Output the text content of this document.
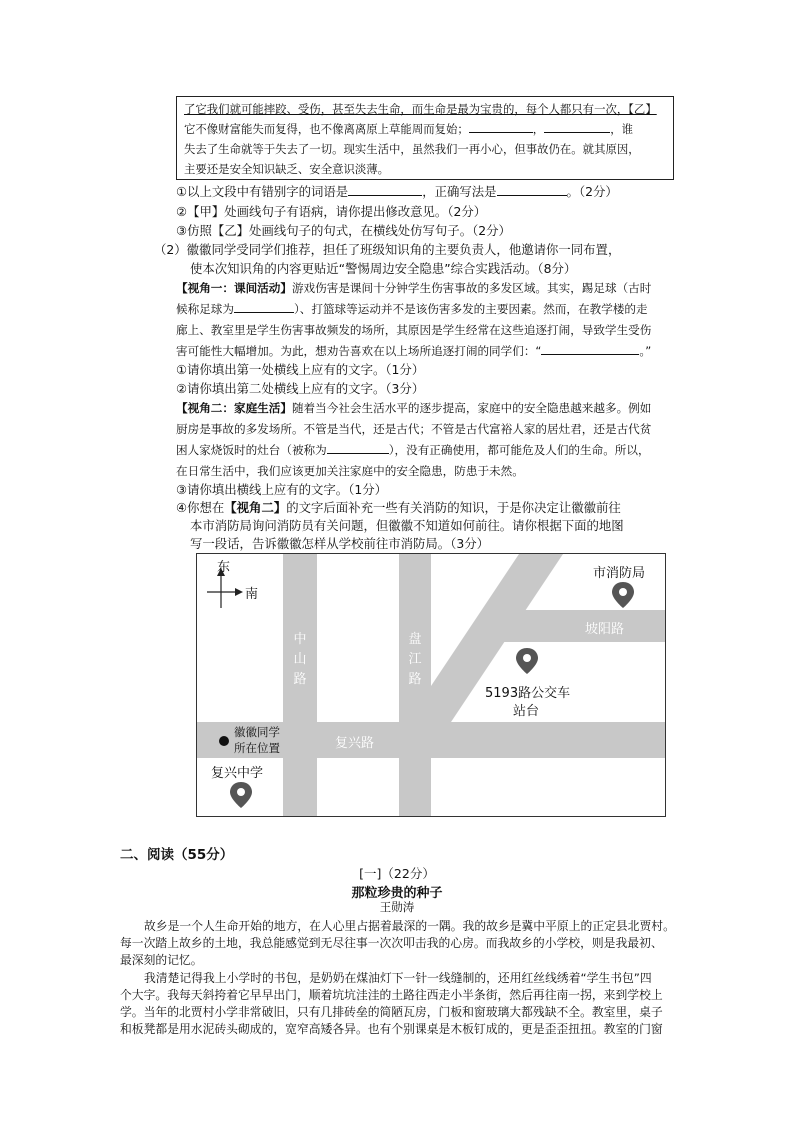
了它我们就可能摔跤、受伤，甚至失去生命，而生命是最为宝贵的，每个人都只有一次，【乙】
它不像财富能失而复得，也不像离离原上草能周而复始；	，	，谁
失去了生命就等于失去了一切。现实生活中，虽然我们一再小心，但事故仍在。就其原因，
主要还是安全知识缺乏、安全意识淡薄。
①以上文段中有错别字的词语是	，正确写法是	。（2分）
②【甲】处画线句子有语病，请你提出修改意见。（2分）
③仿照【乙】处画线句子的句式，在横线处仿写句子。（2分）
（2）徽徽同学受同学们推荐，担任了班级知识角的主要负责人，他邀请你一同布置，
使本次知识角的内容更贴近“警惕周边安全隐患”综合实践活动。（8分）
【视角一：课间活动】游戏伤害是课间十分钟学生伤害事故的多发区域。其实，踢足球（古时
候称足球为	）、打篮球等运动并不是该伤害多发的主要因素。然而，在教学楼的走
廊上、教室里是学生伤害事故频发的场所，其原因是学生经常在这些追逐打闹，导致学生受伤
害可能性大幅增加。为此，想劝告喜欢在以上场所追逐打闹的同学们：“	。”
①请你填出第一处横线上应有的文字。（1分）
②请你填出第二处横线上应有的文字。（3分）
【视角二：家庭生活】随着当今社会生活水平的逐步提高，家庭中的安全隐患越来越多。例如
厨房是事故的多发场所。不管是当代，还是古代；不管是古代富裕人家的居灶君，还是古代贫
困人家烧饭时的灶台（被称为	），没有正确使用，都可能危及人们的生命。所以，
在日常生活中，我们应该更加关注家庭中的安全隐患，防患于未然。
③请你填出横线上应有的文字。（1分）
④你想在【视角二】的文字后面补充一些有关消防的知识，于是你决定让徽徽前往
本市消防局询问消防员有关问题，但徽徽不知道如何前往。请你根据下面的地图
写一段话，告诉徽徽怎样从学校前往市消防局。（3分）
东
南
市消防局
坡阳路
中山路
盘江路
5193路公交车
站台
徽徽同学
所在位置	复兴路
复兴中学
二、阅读（55分）
[一]（22分）
那粒珍贵的种子
王勋涛
故乡是一个人生命开始的地方，在人心里占据着最深的一隅。我的故乡是冀中平原上的正定县北贾村。
每一次踏上故乡的土地，我总能感觉到无尽往事一次次叩击我的心房。而我故乡的小学校，则是我最初、
最深刻的记忆。
我清楚记得我上小学时的书包，是奶奶在煤油灯下一针一线缝制的，还用红丝线绣着“学生书包”四
个大字。我每天斜挎着它早早出门，顺着坑坑洼洼的土路往西走小半条街，然后再往南一拐，来到学校上
学。当年的北贾村小学非常破旧，只有几排砖垒的简陋瓦房，门板和窗玻璃大都残缺不全。教室里，桌子
和板凳都是用水泥砖头砌成的，宽窄高矮各异。也有个别课桌是木板钉成的，更是歪歪扭扭。教室的门窗
